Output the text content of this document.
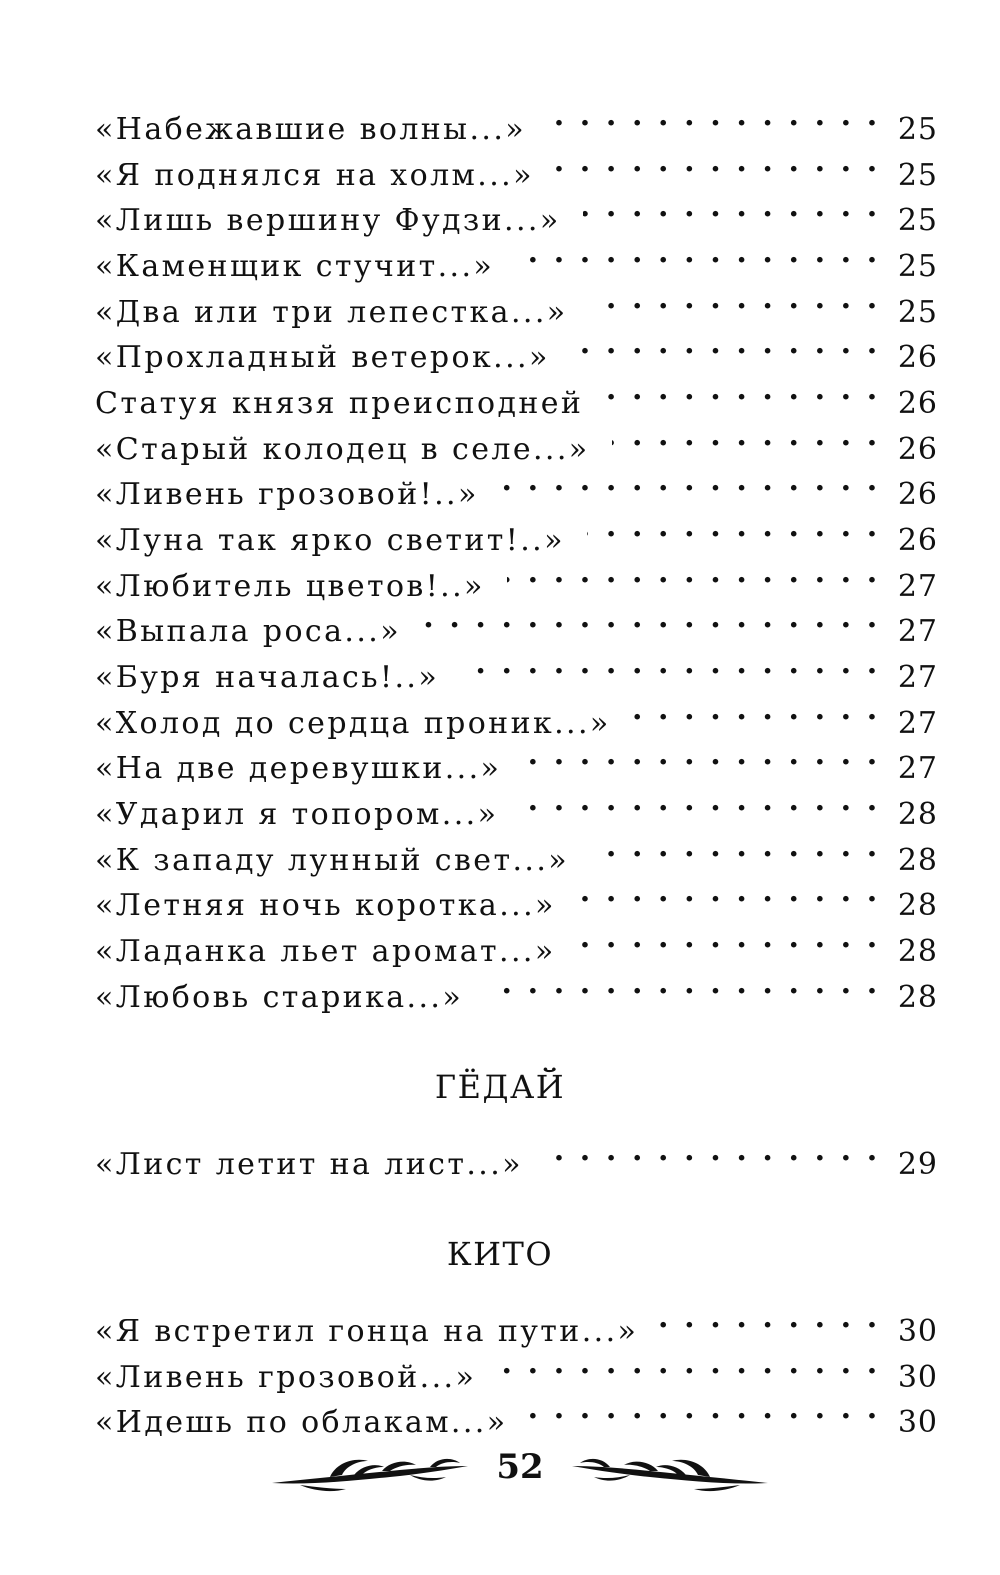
«Набежавшие волны...» . . .	25
«Я поднялся на холм...» . . .	25
«Лишь вершину Фудзи...» . . .	25
«Каменщик стучит...» . . .	25
«Два или три лепестка...» . . .	25
«Прохладный ветерок...» . . .	26
Статуя князя преисподней . . .	26
«Старый колодец в селе...» . . .	26
«Ливень грозовой!..» . . .	26
«Луна так ярко светит!..» . . .	26
«Любитель цветов!..» . . .	27
«Выпала роса...» . . .	27
«Буря началась!..» . . .	27
«Холод до сердца проник...» . . .	27
«На две деревушки...» . . .	27
«Ударил я топором...» . . .	28
«К западу лунный свет...» . . .	28
«Летняя ночь коротка...» . . .	28
«Ладанка льет аромат...» . . .	28
«Любовь старика...» . . .	28
ГЁДАЙ
«Лист летит на лист...» . . .	29
КИТО
«Я встретил гонца на пути...» . . .	30
«Ливень грозовой...» . . .	30
«Идешь по облакам...» . . .	30
52
